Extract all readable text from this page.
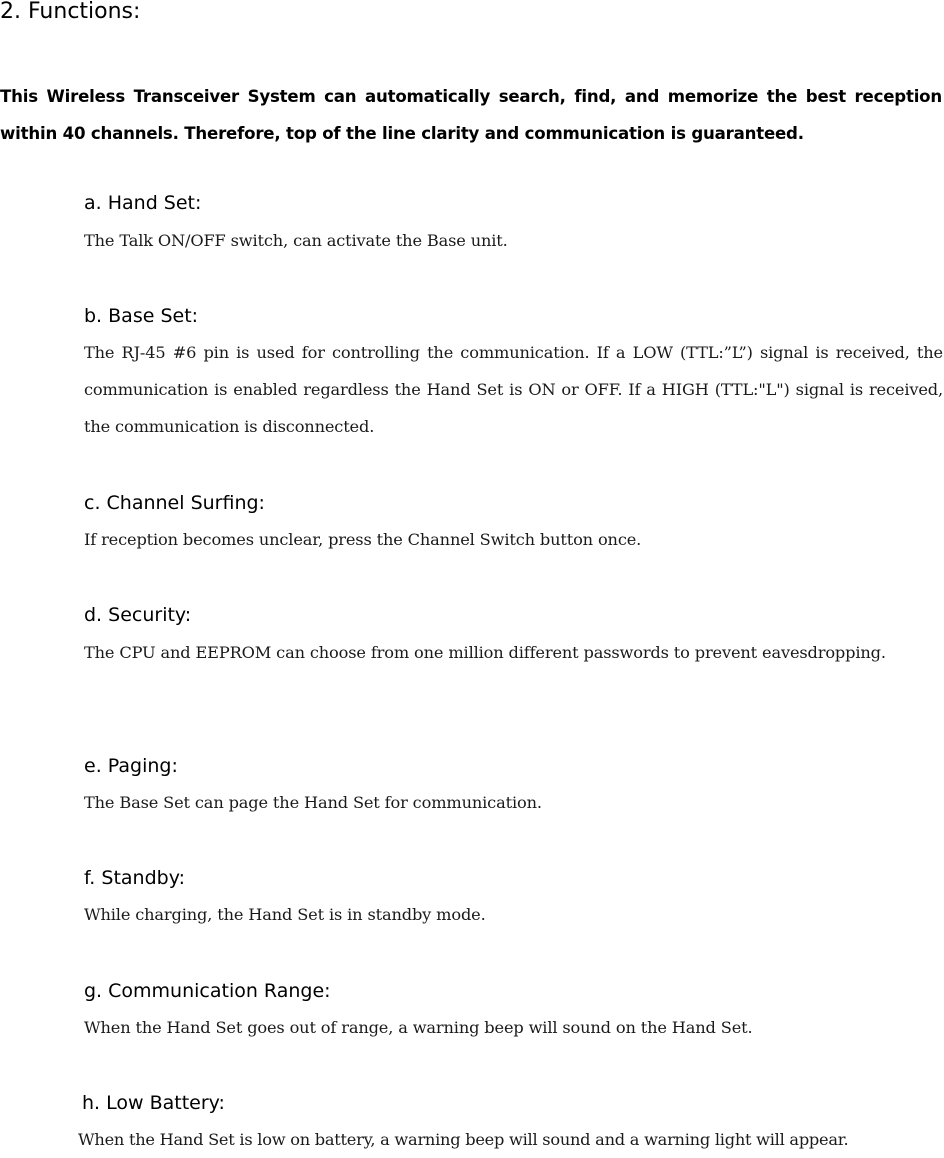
2. Functions:
This Wireless Transceiver System can automatically search, find, and memorize the best reception within 40 channels. Therefore, top of the line clarity and communication is guaranteed.
a. Hand Set:
The Talk ON/OFF switch, can activate the Base unit.
b. Base Set:
The RJ-45 #6 pin is used for controlling the communication. If a LOW (TTL:”L”) signal is received, the communication is enabled regardless the Hand Set is ON or OFF. If a HIGH (TTL:"L") signal is received, the communication is disconnected.
c. Channel Surfing:
If reception becomes unclear, press the Channel Switch button once.
d. Security:
The CPU and EEPROM can choose from one million different passwords to prevent eavesdropping.
e. Paging:
The Base Set can page the Hand Set for communication.
f. Standby:
While charging, the Hand Set is in standby mode.
g. Communication Range:
When the Hand Set goes out of range, a warning beep will sound on the Hand Set.
h. Low Battery:
When the Hand Set is low on battery, a warning beep will sound and a warning light will appear.
